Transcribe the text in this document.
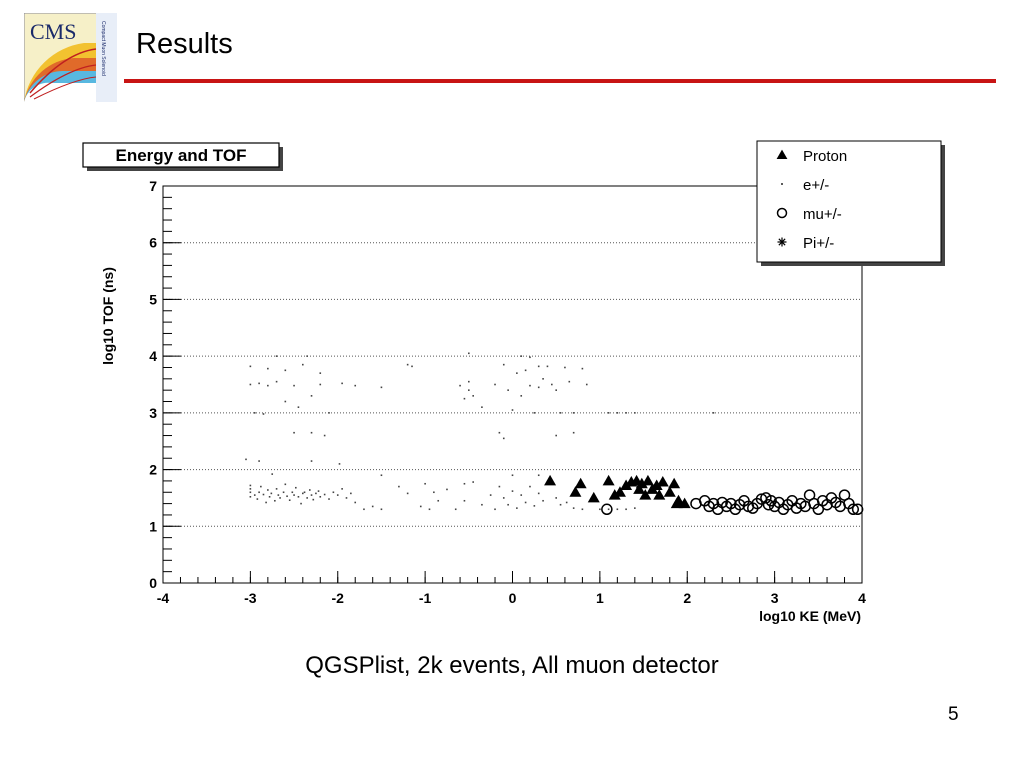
CMS	Compact Muon Solenoid Results
0
1
2
3
4
5
6
7
-4	-3	-2	-1	0	1	2	3	4
Energy and TOF
log10 KE (MeV)
log10 TOF (ns)
Proton
e+/-
mu+/-
Pi+/-
QGSPlist, 2k events, All muon detector
5
